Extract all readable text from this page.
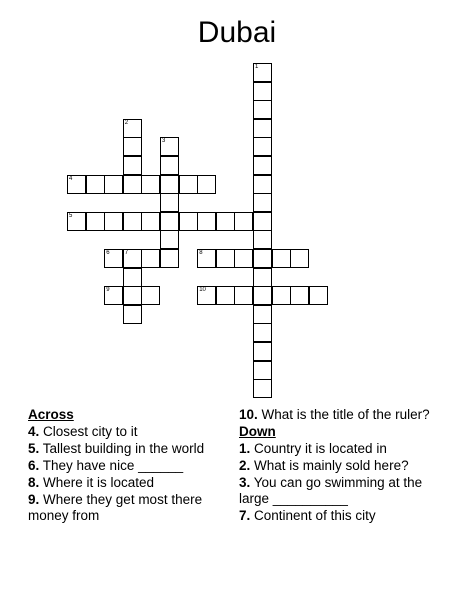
Dubai
1
2
3
4
5
6	7	8
9	10
Across
4. Closest city to it
5. Tallest building in the world
6. They have nice ______
8. Where it is located
9. Where they get most there money from
10. What is the title of the ruler?
Down
1. Country it is located in
2. What is mainly sold here?
3. You can go swimming at the large __________
7. Continent of this city
